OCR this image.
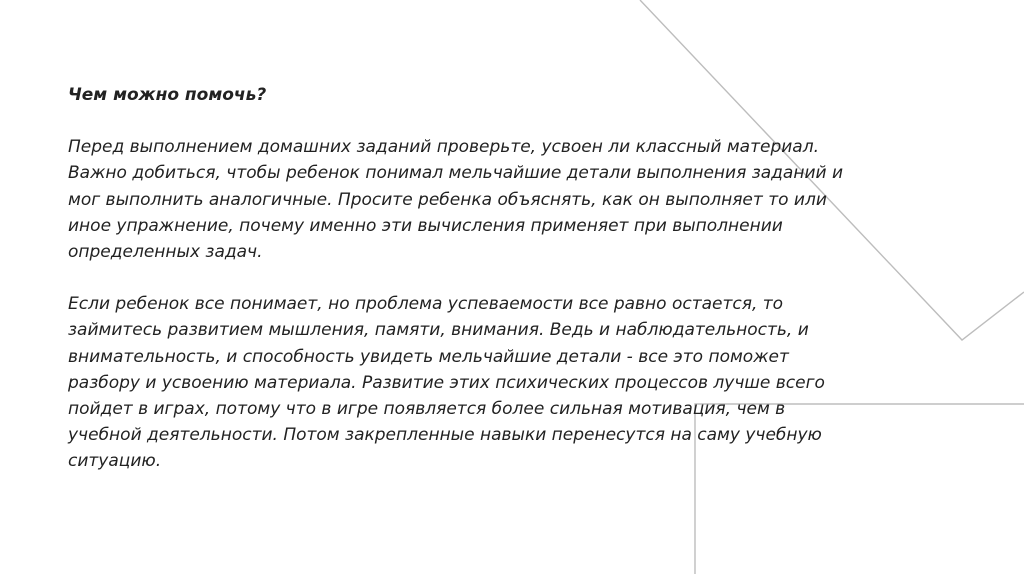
Чем можно помочь?

Перед выполнением домашних заданий проверьте, усвоен ли классный материал.
Важно добиться, чтобы ребенок понимал мельчайшие детали выполнения заданий и
мог выполнить аналогичные. Просите ребенка объяснять, как он выполняет то или
иное упражнение, почему именно эти вычисления применяет при выполнении
определенных задач.

Если ребенок все понимает, но проблема успеваемости все равно остается, то
займитесь развитием мышления, памяти, внимания. Ведь и наблюдательность, и
внимательность, и способность увидеть мельчайшие детали - все это поможет
разбору и усвоению материала. Развитие этих психических процессов лучше всего
пойдет в играх, потому что в игре появляется более сильная мотивация, чем в
учебной деятельности. Потом закрепленные навыки перенесутся на саму учебную
ситуацию.
